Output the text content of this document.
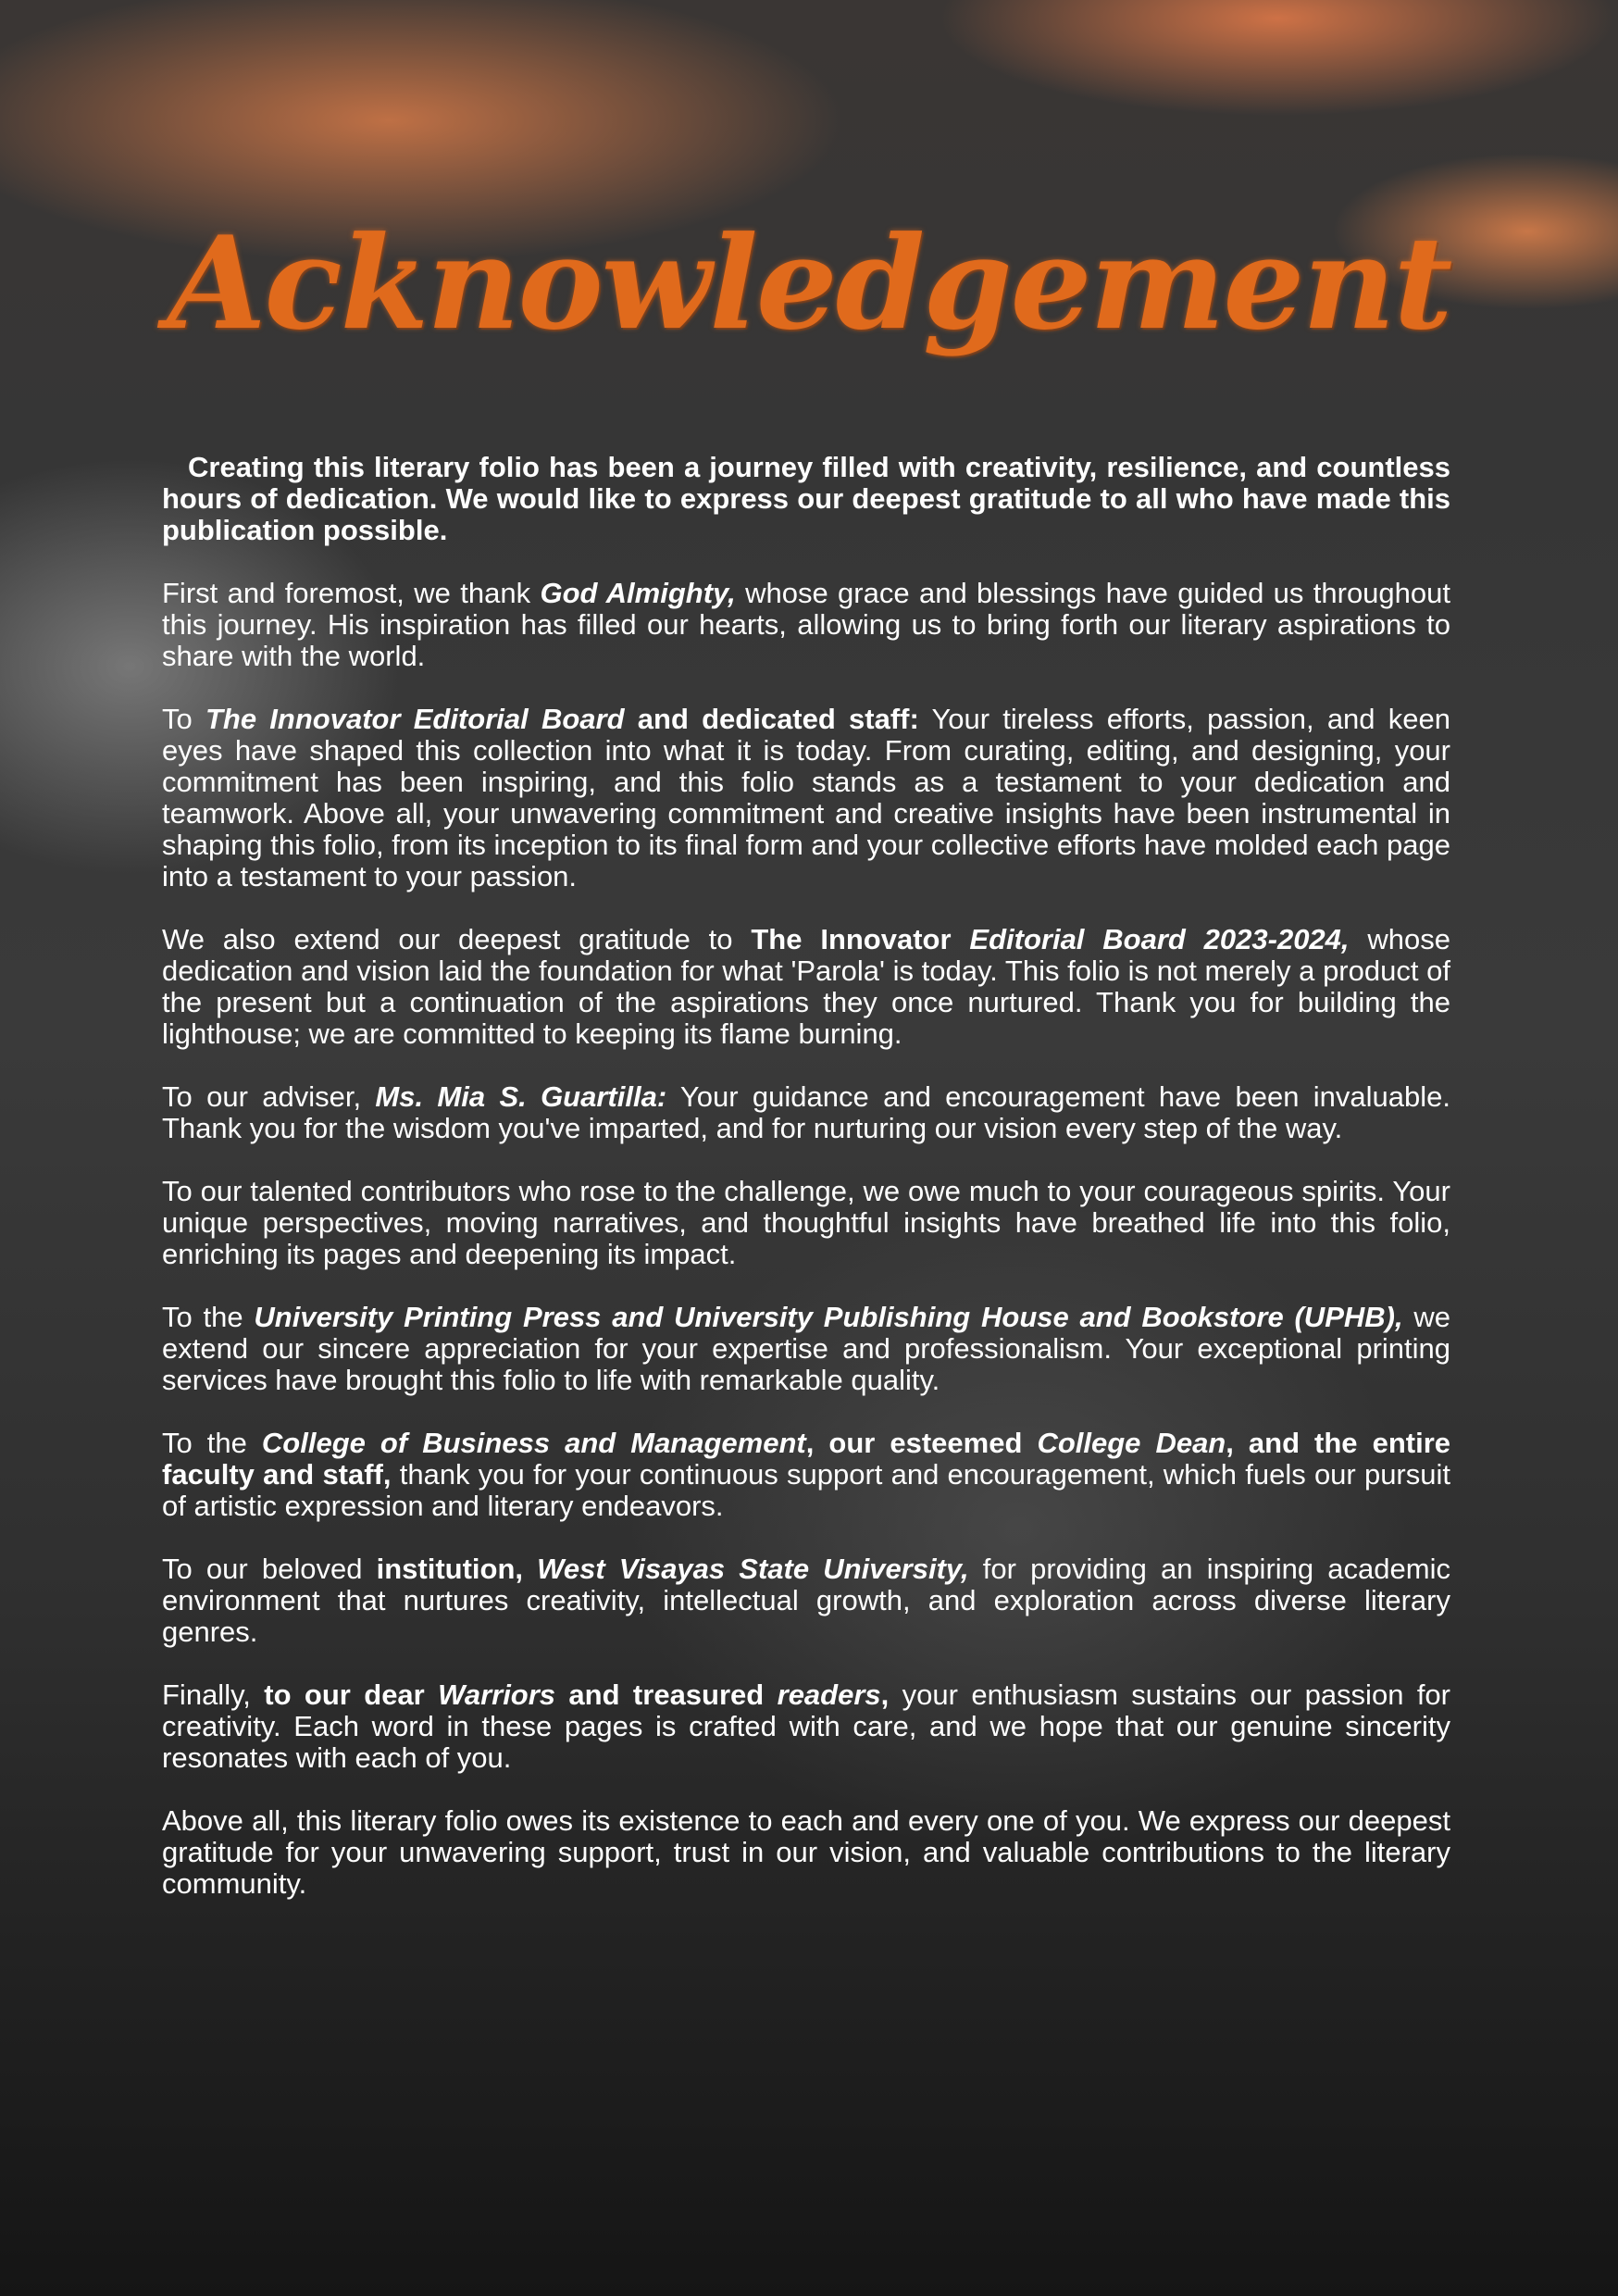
Acknowledgement

Creating this literary folio has been a journey filled with creativity, resilience, and countless hours of dedication. We would like to express our deepest gratitude to all who have made this publication possible.

First and foremost, we thank God Almighty, whose grace and blessings have guided us throughout this journey. His inspiration has filled our hearts, allowing us to bring forth our literary aspirations to share with the world.

To The Innovator Editorial Board and dedicated staff: Your tireless efforts, passion, and keen eyes have shaped this collection into what it is today. From curating, editing, and designing, your commitment has been inspiring, and this folio stands as a testament to your dedication and teamwork. Above all, your unwavering commitment and creative insights have been instrumental in shaping this folio, from its inception to its final form and your collective efforts have molded each page into a testament to your passion.

We also extend our deepest gratitude to The Innovator Editorial Board 2023-2024, whose dedication and vision laid the foundation for what 'Parola' is today. This folio is not merely a product of the present but a continuation of the aspirations they once nurtured. Thank you for building the lighthouse; we are committed to keeping its flame burning.

To our adviser, Ms. Mia S. Guartilla: Your guidance and encouragement have been invaluable. Thank you for the wisdom you've imparted, and for nurturing our vision every step of the way.

To our talented contributors who rose to the challenge, we owe much to your courageous spirits. Your unique perspectives, moving narratives, and thoughtful insights have breathed life into this folio, enriching its pages and deepening its impact.

To the University Printing Press and University Publishing House and Bookstore (UPHB), we extend our sincere appreciation for your expertise and professionalism. Your exceptional printing services have brought this folio to life with remarkable quality.

To the College of Business and Management, our esteemed College Dean, and the entire faculty and staff, thank you for your continuous support and encouragement, which fuels our pursuit of artistic expression and literary endeavors.

To our beloved institution, West Visayas State University, for providing an inspiring academic environment that nurtures creativity, intellectual growth, and exploration across diverse literary genres.

Finally, to our dear Warriors and treasured readers, your enthusiasm sustains our passion for creativity. Each word in these pages is crafted with care, and we hope that our genuine sincerity resonates with each of you.

Above all, this literary folio owes its existence to each and every one of you. We express our deepest gratitude for your unwavering support, trust in our vision, and valuable contributions to the literary community.
